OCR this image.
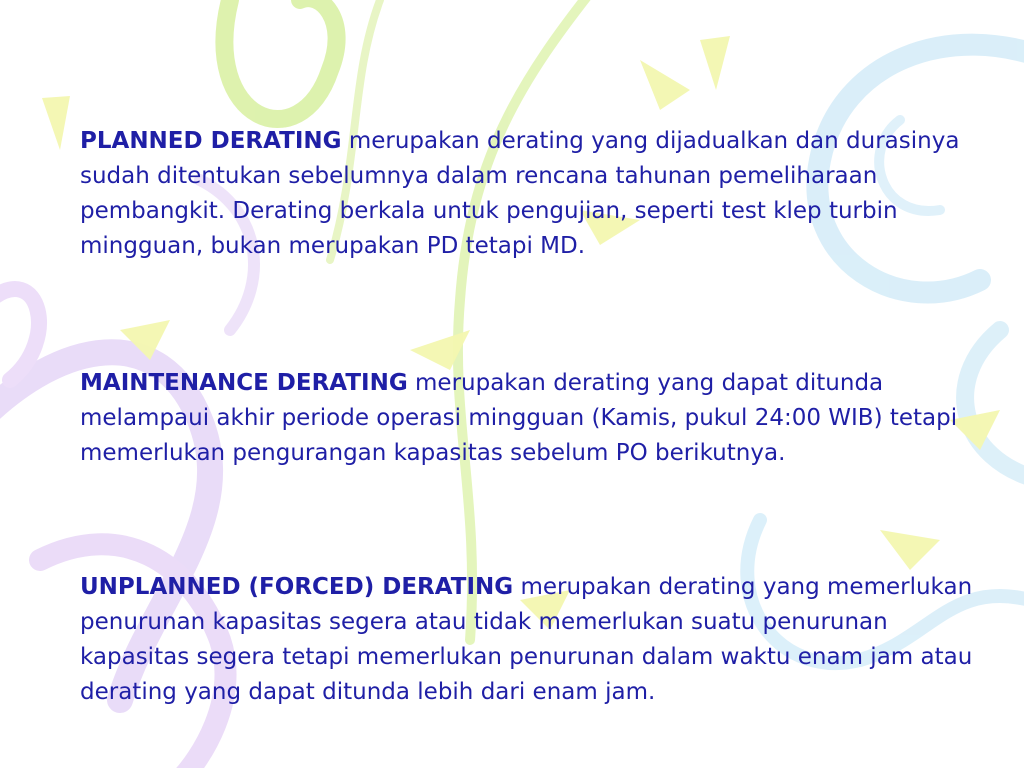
PLANNED DERATING merupakan derating yang dijadualkan dan durasinya sudah ditentukan sebelumnya dalam rencana tahunan pemeliharaan pembangkit. Derating berkala untuk pengujian, seperti test klep turbin mingguan, bukan merupakan PD tetapi MD.

MAINTENANCE DERATING merupakan derating yang dapat ditunda melampaui akhir periode operasi mingguan (Kamis, pukul 24:00 WIB) tetapi memerlukan pengurangan kapasitas sebelum PO berikutnya.

UNPLANNED (FORCED) DERATING merupakan derating yang memerlukan penurunan kapasitas segera atau tidak memerlukan suatu penurunan kapasitas segera tetapi memerlukan penurunan dalam waktu enam jam atau derating yang dapat ditunda lebih dari enam jam.
